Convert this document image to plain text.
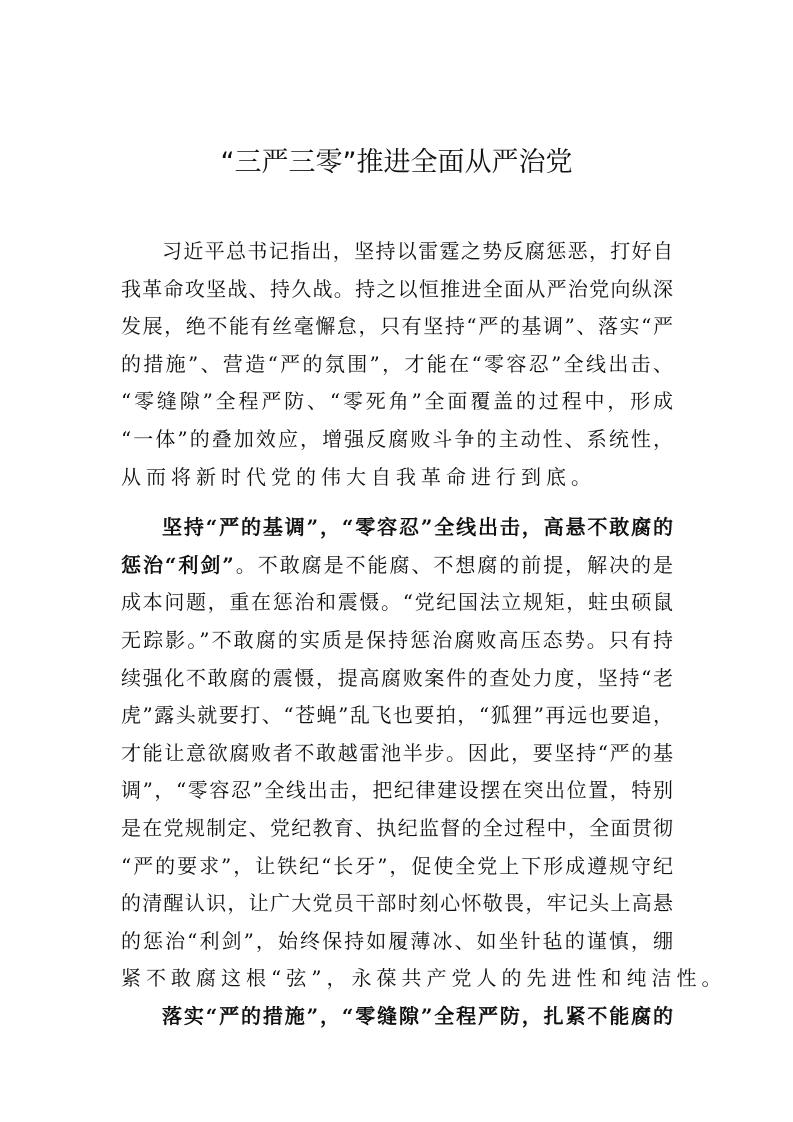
“三严三零”推进全面从严治党
习近平总书记指出，坚持以雷霆之势反腐惩恶，打好自
我革命攻坚战、持久战。持之以恒推进全面从严治党向纵深
发展，绝不能有丝毫懈怠，只有坚持“严的基调”、落实“严
的措施”、营造“严的氛围”，才能在“零容忍”全线出击、
“零缝隙”全程严防、“零死角”全面覆盖的过程中，形成
“一体”的叠加效应，增强反腐败斗争的主动性、系统性，
从而将新时代党的伟大自我革命进行到底。
坚持“严的基调”，“零容忍”全线出击，高悬不敢腐的
惩治“利剑”。不敢腐是不能腐、不想腐的前提，解决的是
成本问题，重在惩治和震慑。“党纪国法立规矩，蛀虫硕鼠
无踪影。”不敢腐的实质是保持惩治腐败高压态势。只有持
续强化不敢腐的震慑，提高腐败案件的查处力度，坚持“老
虎”露头就要打、“苍蝇”乱飞也要拍，“狐狸”再远也要追，
才能让意欲腐败者不敢越雷池半步。因此，要坚持“严的基
调”，“零容忍”全线出击，把纪律建设摆在突出位置，特别
是在党规制定、党纪教育、执纪监督的全过程中，全面贯彻
“严的要求”，让铁纪“长牙”，促使全党上下形成遵规守纪
的清醒认识，让广大党员干部时刻心怀敬畏，牢记头上高悬
的惩治“利剑”，始终保持如履薄冰、如坐针毡的谨慎，绷
紧不敢腐这根“弦”，永葆共产党人的先进性和纯洁性。
落实“严的措施”，“零缝隙”全程严防，扎紧不能腐的
